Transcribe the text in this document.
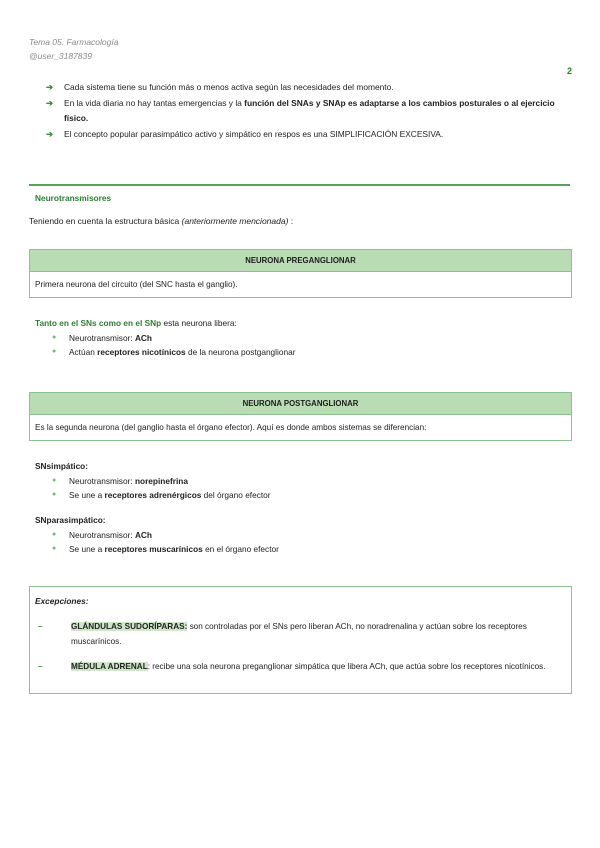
Tema 05. Farmacología
@user_3187839
2
➔	Cada sistema tiene su función más o menos activa según las necesidades del momento.
➔	En la vida diaria no hay tantas emergencias y la función del SNAs y SNAp es adaptarse a los cambios posturales o al ejercicio físico.
➔	El concepto popular parasimpático activo y simpático en respos es una SIMPLIFICACIÓN EXCESIVA.
Neurotransmisores
Teniendo en cuenta la estructura básica (anteriormente mencionada) :
NEURONA PREGANGLIONAR
Primera neurona del circuito (del SNC hasta el ganglio).
Tanto en el SNs como en el SNp esta neurona libera:
●	Neurotransmisor: ACh
●	Actúan receptores nicotínicos de la neurona postganglionar
NEURONA POSTGANGLIONAR
Es la segunda neurona (del ganglio hasta el órgano efector). Aquí es donde ambos sistemas se diferencian:
SNsimpático:
●	Neurotransmisor: norepinefrina
●	Se une a receptores adrenérgicos del órgano efector
SNparasimpático:
●	Neurotransmisor: ACh
●	Se une a receptores muscarínicos en el órgano efector
Excepciones:
–	GLÁNDULAS SUDORÍPARAS: son controladas por el SNs pero liberan ACh, no noradrenalina y actúan sobre los receptores muscarínicos.
–	MÉDULA ADRENAL: recibe una sola neurona preganglionar simpática que libera ACh, que actúa sobre los receptores nicotínicos.
